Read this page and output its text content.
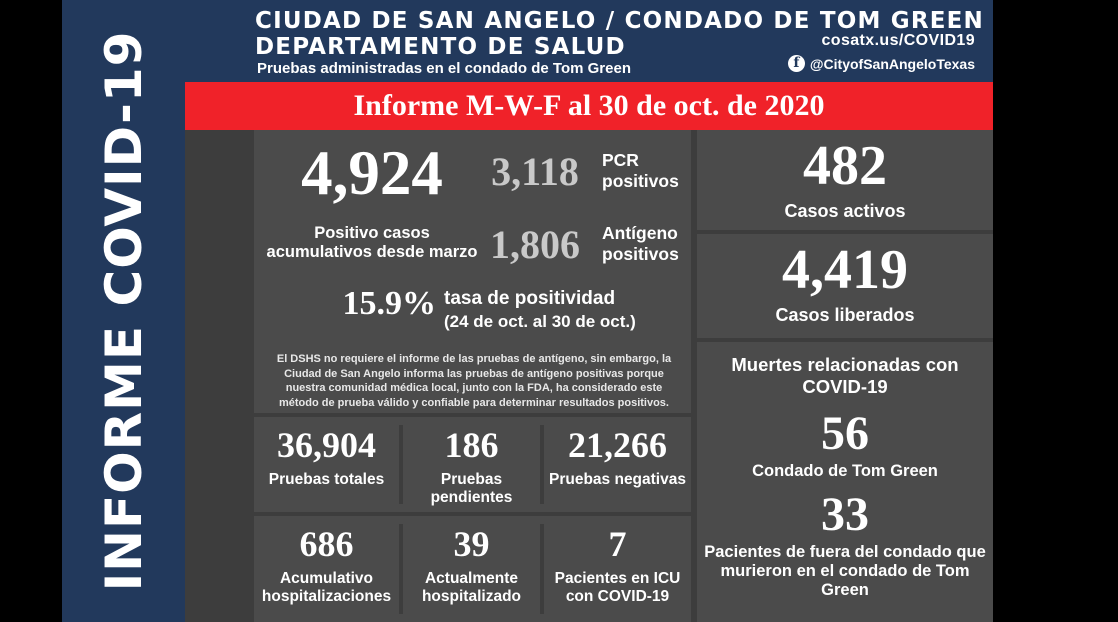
INFORME COVID-19
CIUDAD DE SAN ANGELO / CONDADO DE TOM GREEN
DEPARTAMENTO DE SALUD
Pruebas administradas en el condado de Tom Green
cosatx.us/COVID19
f @CityofSanAngeloTexas
Informe M-W-F al 30 de oct. de 2020
4,924
Positivo casos acumulativos desde marzo
3,118	PCR positivos
1,806	Antígeno positivos
15.9% tasa de positividad
(24 de oct. al 30 de oct.)
El DSHS no requiere el informe de las pruebas de antígeno, sin embargo, la Ciudad de San Angelo informa las pruebas de antígeno positivas porque nuestra comunidad médica local, junto con la FDA, ha considerado este método de prueba válido y confiable para determinar resultados positivos.
36,904
Pruebas totales
186
Pruebas pendientes
21,266
Pruebas negativas
686
Acumulativo hospitalizaciones
39
Actualmente hospitalizado
7
Pacientes en ICU con COVID-19
482
Casos activos
4,419
Casos liberados
Muertes relacionadas con COVID-19
56
Condado de Tom Green
33
Pacientes de fuera del condado que murieron en el condado de Tom Green
